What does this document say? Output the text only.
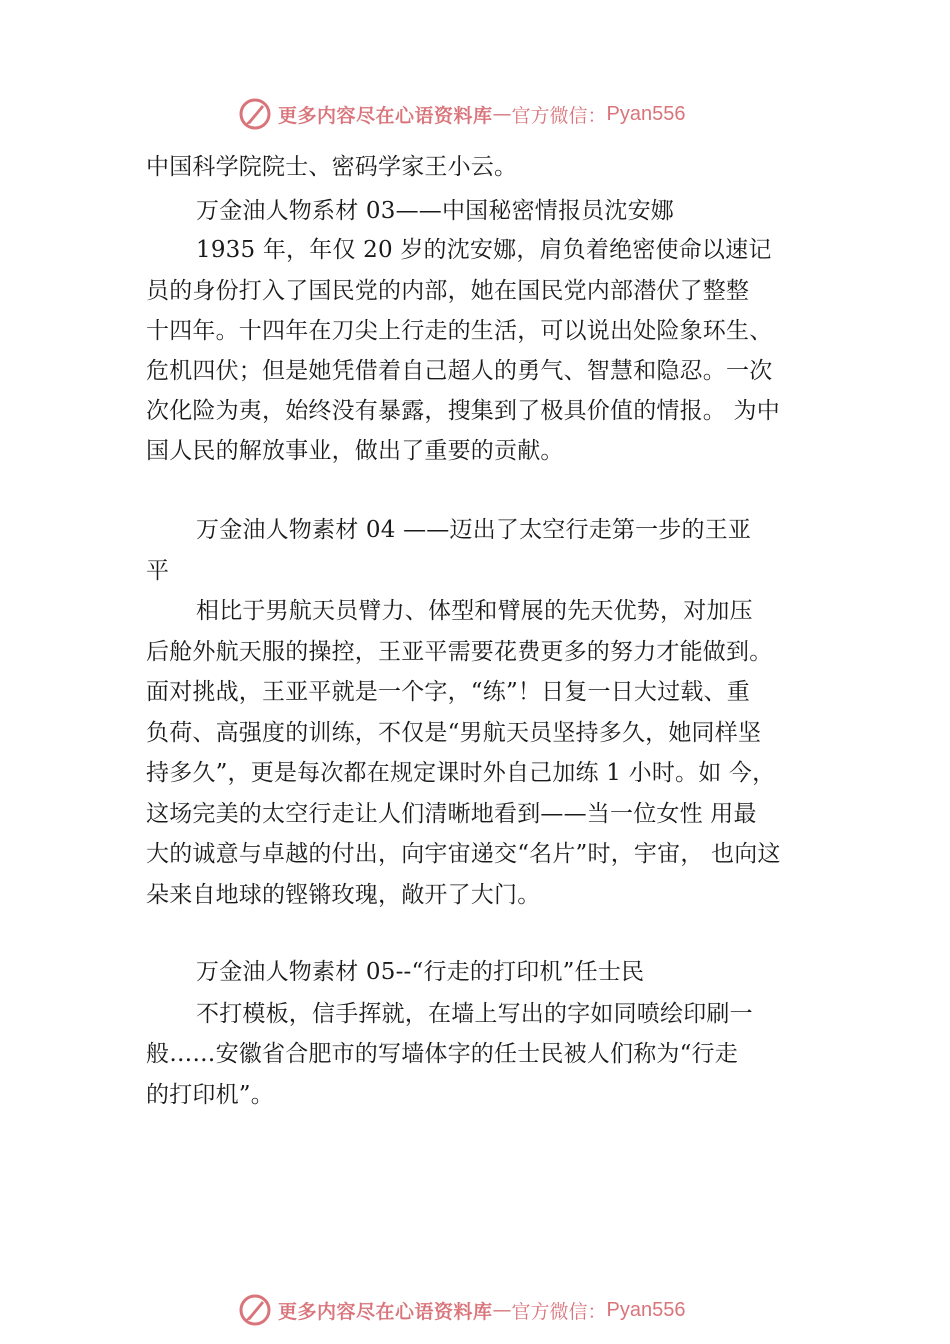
更多内容尽在心语资料库 — 官方微信： Pyan556
中国科学院院士、密码学家王小云。
万金油人物系材 03——中国秘密情报员沈安娜
1935 年，年仅 20 岁的沈安娜，肩负着绝密使命以速记
员的身份打入了国民党的内部，她在国民党内部潜伏了整整
十四年。十四年在刀尖上行走的生活，可以说出处险象环生、
危机四伏；但是她凭借着自己超人的勇气、智慧和隐忍。一次
次化险为夷，始终没有暴露，搜集到了极具价值的情报。 为中
国人民的解放事业，做出了重要的贡献。
万金油人物素材 04 ——迈出了太空行走第一步的王亚
平
相比于男航天员臂力、体型和臂展的先天优势，对加压
后舱外航天服的操控，王亚平需要花费更多的努力才能做到。
面对挑战，王亚平就是一个字，“练”！日复一日大过载、重
负荷、高强度的训练，不仅是“男航天员坚持多久，她同样坚
持多久”，更是每次都在规定课时外自己加练 1 小时。如 今，
这场完美的太空行走让人们清晰地看到——当一位女性 用最
大的诚意与卓越的付出，向宇宙递交“名片”时，宇宙， 也向这
朵来自地球的铿锵玫瑰，敞开了大门。
万金油人物素材 05--“行走的打印机”任士民
不打模板，信手挥就，在墙上写出的字如同喷绘印刷一
般……安徽省合肥市的写墙体字的任士民被人们称为“行走
的打印机”。
更多内容尽在心语资料库 — 官方微信： Pyan556
